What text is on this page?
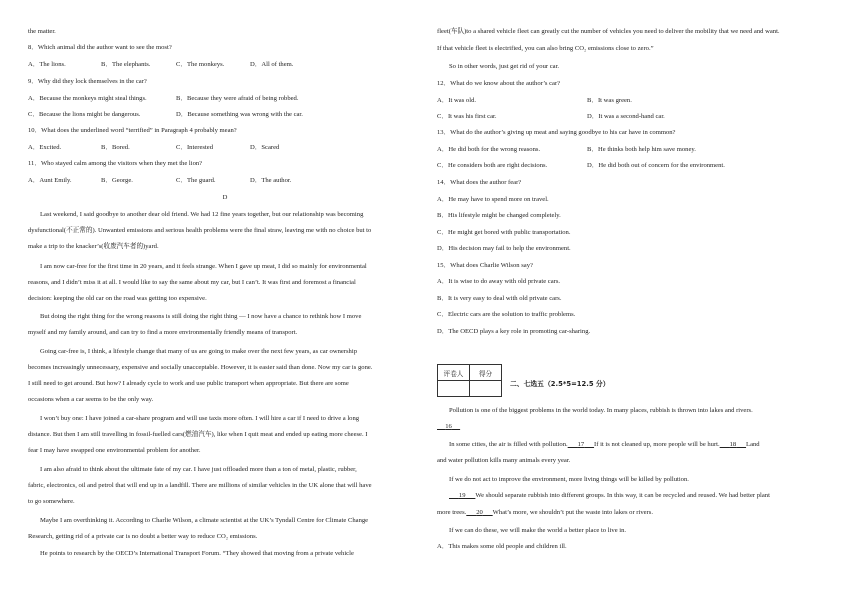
the matter.
8．Which animal did the author want to see the most?
A．The lions.	B．The elephants.	C．The monkeys.	D．All of them.
9．Why did they lock themselves in the car?
A．Because the monkeys might steal things.	B．Because they were afraid of being robbed.
C．Because the lions might be dangerous.	D．Because something was wrong with the car.
10．What does the underlined word “terrified” in Paragraph 4 probably mean?
A．Excited.	B．Bored.	C．Interested	D．Scared
11．Who stayed calm among the visitors when they met the lion?
A．Aunt Emily.	B．George.	C．The guard.	D．The author.
D
Last weekend, I said goodbye to another dear old friend. We had 12 fine years together, but our relationship was becoming
dysfunctional(不正常的). Unwanted emissions and serious health problems were the final straw, leaving me with no choice but to
make a trip to the knacker’s(收废汽车者的)yard.
I am now car-free for the first time in 20 years, and it feels strange. When I gave up meat, I did so mainly for environmental
reasons, and I didn’t miss it at all. I would like to say the same about my car, but I can’t. It was first and foremost a financial
decision: keeping the old car on the road was getting too expensive.
But doing the right thing for the wrong reasons is still doing the right thing — I now have a chance to rethink how I move
myself and my family around, and can try to find a more environmentally friendly means of transport.
Going car-free is, I think, a lifestyle change that many of us are going to make over the next few years, as car ownership
becomes increasingly unnecessary, expensive and socially unacceptable. However, it is easier said than done. Now my car is gone.
I still need to get around. But how? I already cycle to work and use public transport when appropriate. But there are some
occasions when a car seems to be the only way.
I won’t buy one: I have joined a car-share program and will use taxis more often. I will hire a car if I need to drive a long
distance. But then I am still travelling in fossil-fuelled cars(燃油汽车), like when I quit meat and ended up eating more cheese. I
fear I may have swapped one environmental problem for another.
I am also afraid to think about the ultimate fate of my car. I have just offloaded more than a ton of metal, plastic, rubber,
fabric, electronics, oil and petrol that will end up in a landfill. There are millions of similar vehicles in the UK alone that will have
to go somewhere.
Maybe I am overthinking it. According to Charlie Wilson, a climate scientist at the UK’s Tyndall Centre for Climate Change
Research, getting rid of a private car is no doubt a better way to reduce CO₂ emissions.
He points to research by the OECD’s International Transport Forum. “They showed that moving from a private vehicle
fleet(车队)to a shared vehicle fleet can greatly cut the number of vehicles you need to deliver the mobility that we need and want.
If that vehicle fleet is electrified, you can also bring CO₂ emissions close to zero.”
So in other words, just get rid of your car.
12．What do we know about the author’s car?
A．It was old.	B．It was green.
C．It was his first car.	D．It was a second-hand car.
13．What do the author’s giving up meat and saying goodbye to his car have in common?
A．He did both for the wrong reasons.	B．He thinks both help him save money.
C．He considers both are right decisions.	D．He did both out of concern for the environment.
14．What does the author fear?
A．He may have to spend more on travel.
B．His lifestyle might be changed completely.
C．He might get bored with public transportation.
D．His decision may fail to help the environment.
15．What does Charlie Wilson say?
A．It is wise to do away with old private cars.
B．It is very easy to deal with old private cars.
C．Electric cars are the solution to traffic problems.
D．The OECD plays a key role in promoting car-sharing.
Pollution is one of the biggest problems in the world today. In many places, rubbish is thrown into lakes and rivers.
16
In some cities, the air is filled with pollution. 17 If it is not cleaned up, more people will be hurt. 18 Land
and water pollution kills many animals every year.
If we do not act to improve the environment, more living things will be killed by pollution.
19 We should separate rubbish into different groups. In this way, it can be recycled and reused. We had better plant
more trees. 20 What’s more, we shouldn’t put the waste into lakes or rivers.
If we can do these, we will make the world a better place to live in.
A．This makes some old people and children ill.
评卷人	得分

二、七选五（2.5*5=12.5 分）
